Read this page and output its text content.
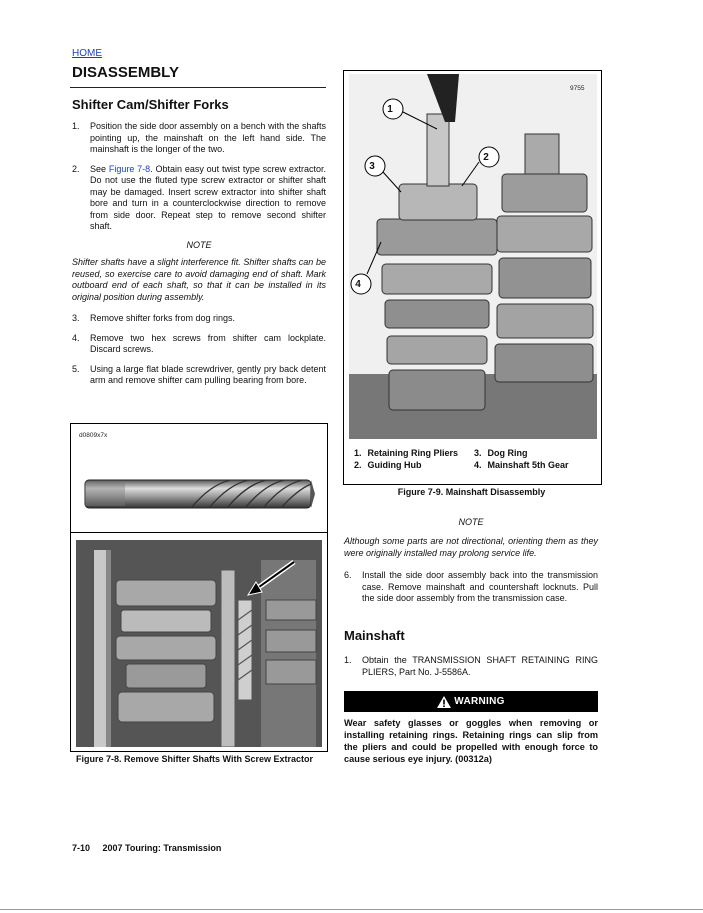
HOME
DISASSEMBLY
Shifter Cam/Shifter Forks
1.	Position the side door assembly on a bench with the shafts pointing up, the mainshaft on the left hand side. The mainshaft is the longer of the two.
2.	See Figure 7-8. Obtain easy out twist type screw extractor. Do not use the fluted type screw extractor or shifter shaft may be damaged. Insert screw extractor into shifter shaft bore and turn in a counterclockwise direction to remove from side door. Repeat step to remove second shifter shaft.
NOTE
Shifter shafts have a slight interference fit. Shifter shafts can be reused, so exercise care to avoid damaging end of shaft. Mark outboard end of each shaft, so that it can be installed in its original position during assembly.
3.	Remove shifter forks from dog rings.
4.	Remove two hex screws from shifter cam lockplate. Discard screws.
5.	Using a large flat blade screwdriver, gently pry back detent arm and remove shifter cam pulling bearing from bore.
d0809x7x
Figure 7-8. Remove Shifter Shafts With Screw Extractor
9755
1
2
3
4
1.	Retaining Ring Pliers	3.	Dog Ring
2.	Guiding Hub	4.	Mainshaft 5th Gear
Figure 7-9. Mainshaft Disassembly
NOTE
Although some parts are not directional, orienting them as they were originally installed may prolong service life.
6.	Install the side door assembly back into the transmission case. Remove mainshaft and countershaft locknuts. Pull the side door assembly from the transmission case.
Mainshaft
1.	Obtain the TRANSMISSION SHAFT RETAINING RING PLIERS, Part No. J-5586A.
WARNING
Wear safety glasses or goggles when removing or installing retaining rings. Retaining rings can slip from the pliers and could be propelled with enough force to cause serious eye injury. (00312a)
7-10 2007 Touring: Transmission
